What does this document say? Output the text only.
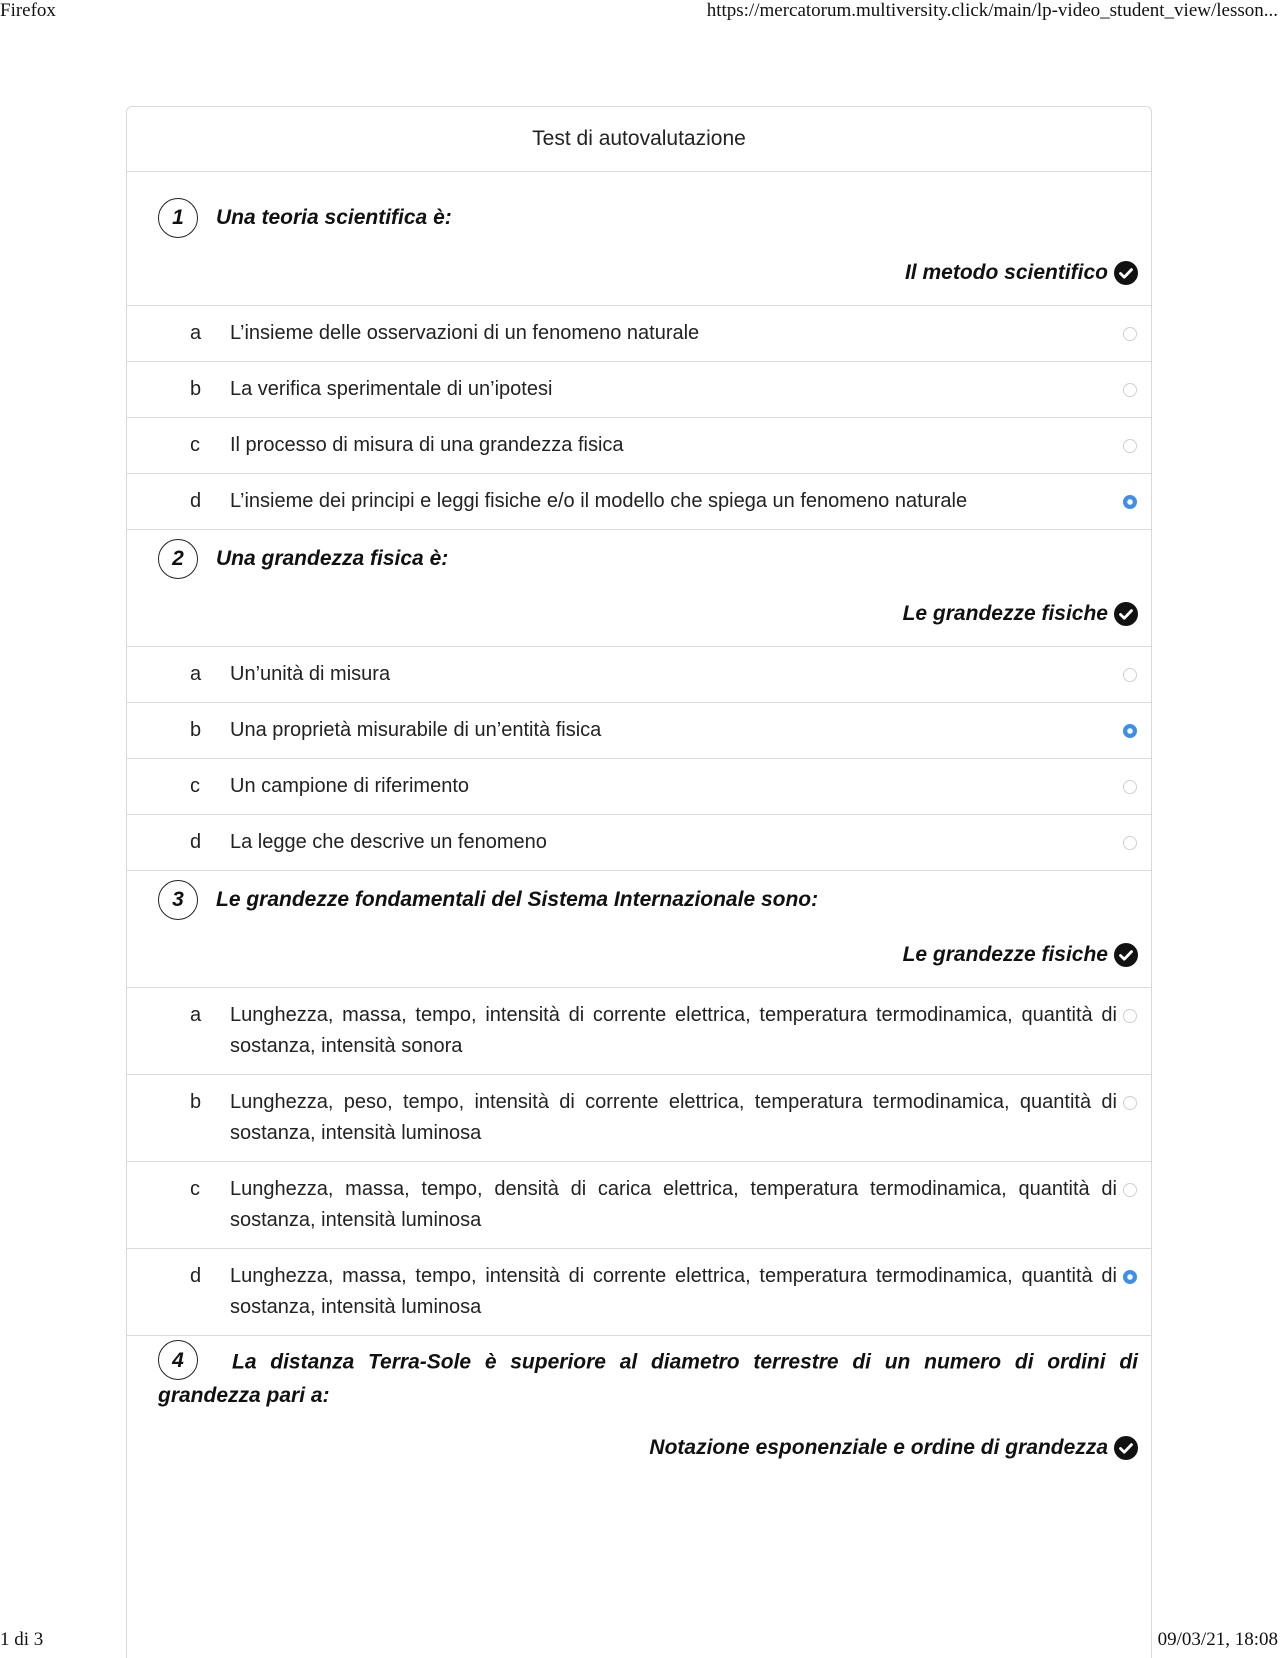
Firefox	https://mercatorum.multiversity.click/main/lp-video_student_view/lesson...
Test di autovalutazione
1	Una teoria scientifica è:
Il metodo scientifico
a	L’insieme delle osservazioni di un fenomeno naturale
b	La verifica sperimentale di un’ipotesi
c	Il processo di misura di una grandezza fisica
d	L’insieme dei principi e leggi fisiche e/o il modello che spiega un fenomeno naturale
2	Una grandezza fisica è:
Le grandezze fisiche
a	Un’unità di misura
b	Una proprietà misurabile di un’entità fisica
c	Un campione di riferimento
d	La legge che descrive un fenomeno
3	Le grandezze fondamentali del Sistema Internazionale sono:
Le grandezze fisiche
a	Lunghezza, massa, tempo, intensità di corrente elettrica, temperatura termodinamica, quantità di sostanza, intensità sonora
b	Lunghezza, peso, tempo, intensità di corrente elettrica, temperatura termodinamica, quantità di sostanza, intensità luminosa
c	Lunghezza, massa, tempo, densità di carica elettrica, temperatura termodinamica, quantità di sostanza, intensità luminosa
d	Lunghezza, massa, tempo, intensità di corrente elettrica, temperatura termodinamica, quantità di sostanza, intensità luminosa
4 La distanza Terra-Sole è superiore al diametro terrestre di un numero di ordini di grandezza pari a:
Notazione esponenziale e ordine di grandezza
1 di 3	09/03/21, 18:08
